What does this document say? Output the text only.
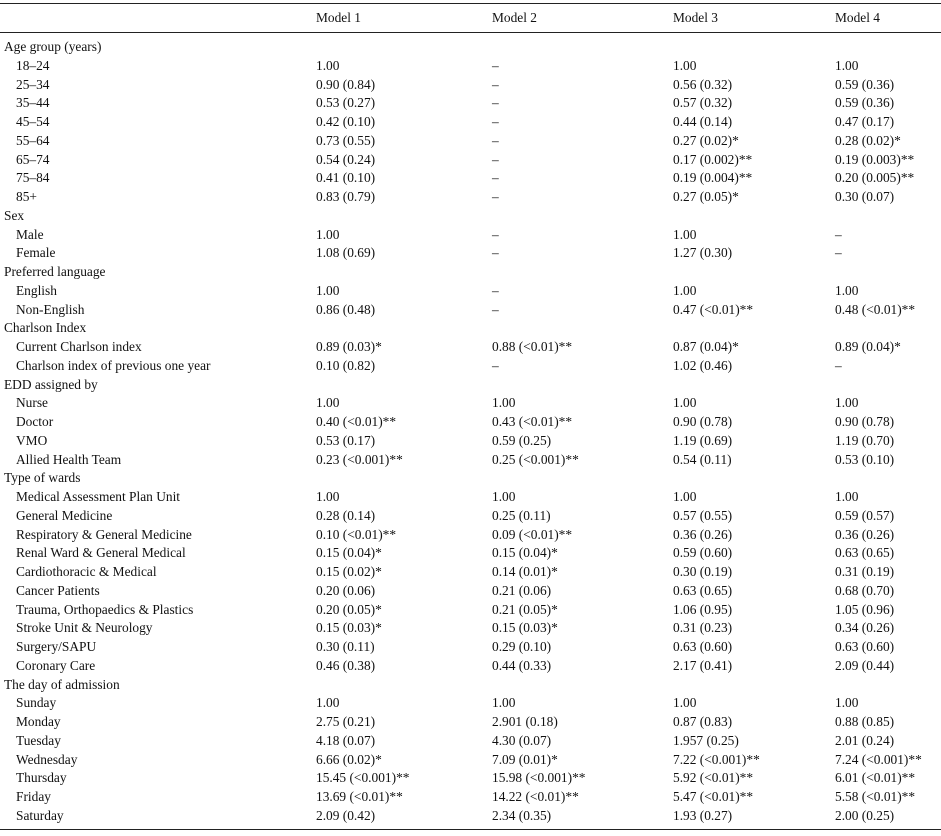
Model 1	Model 2	Model 3	Model 4
Age group (years)
18–24	1.00	–	1.00	1.00
25–34	0.90 (0.84)	–	0.56 (0.32)	0.59 (0.36)
35–44	0.53 (0.27)	–	0.57 (0.32)	0.59 (0.36)
45–54	0.42 (0.10)	–	0.44 (0.14)	0.47 (0.17)
55–64	0.73 (0.55)	–	0.27 (0.02)*	0.28 (0.02)*
65–74	0.54 (0.24)	–	0.17 (0.002)**	0.19 (0.003)**
75–84	0.41 (0.10)	–	0.19 (0.004)**	0.20 (0.005)**
85+	0.83 (0.79)	–	0.27 (0.05)*	0.30 (0.07)
Sex
Male	1.00	–	1.00	–
Female	1.08 (0.69)	–	1.27 (0.30)	–
Preferred language
English	1.00	–	1.00	1.00
Non-English	0.86 (0.48)	–	0.47 (<0.01)**	0.48 (<0.01)**
Charlson Index
Current Charlson index	0.89 (0.03)*	0.88 (<0.01)**	0.87 (0.04)*	0.89 (0.04)*
Charlson index of previous one year	0.10 (0.82)	–	1.02 (0.46)	–
EDD assigned by
Nurse	1.00	1.00	1.00	1.00
Doctor	0.40 (<0.01)**	0.43 (<0.01)**	0.90 (0.78)	0.90 (0.78)
VMO	0.53 (0.17)	0.59 (0.25)	1.19 (0.69)	1.19 (0.70)
Allied Health Team	0.23 (<0.001)**	0.25 (<0.001)**	0.54 (0.11)	0.53 (0.10)
Type of wards
Medical Assessment Plan Unit	1.00	1.00	1.00	1.00
General Medicine	0.28 (0.14)	0.25 (0.11)	0.57 (0.55)	0.59 (0.57)
Respiratory & General Medicine	0.10 (<0.01)**	0.09 (<0.01)**	0.36 (0.26)	0.36 (0.26)
Renal Ward & General Medical	0.15 (0.04)*	0.15 (0.04)*	0.59 (0.60)	0.63 (0.65)
Cardiothoracic & Medical	0.15 (0.02)*	0.14 (0.01)*	0.30 (0.19)	0.31 (0.19)
Cancer Patients	0.20 (0.06)	0.21 (0.06)	0.63 (0.65)	0.68 (0.70)
Trauma, Orthopaedics & Plastics	0.20 (0.05)*	0.21 (0.05)*	1.06 (0.95)	1.05 (0.96)
Stroke Unit & Neurology	0.15 (0.03)*	0.15 (0.03)*	0.31 (0.23)	0.34 (0.26)
Surgery/SAPU	0.30 (0.11)	0.29 (0.10)	0.63 (0.60)	0.63 (0.60)
Coronary Care	0.46 (0.38)	0.44 (0.33)	2.17 (0.41)	2.09 (0.44)
The day of admission
Sunday	1.00	1.00	1.00	1.00
Monday	2.75 (0.21)	2.901 (0.18)	0.87 (0.83)	0.88 (0.85)
Tuesday	4.18 (0.07)	4.30 (0.07)	1.957 (0.25)	2.01 (0.24)
Wednesday	6.66 (0.02)*	7.09 (0.01)*	7.22 (<0.001)**	7.24 (<0.001)**
Thursday	15.45 (<0.001)**	15.98 (<0.001)**	5.92 (<0.01)**	6.01 (<0.01)**
Friday	13.69 (<0.01)**	14.22 (<0.01)**	5.47 (<0.01)**	5.58 (<0.01)**
Saturday	2.09 (0.42)	2.34 (0.35)	1.93 (0.27)	2.00 (0.25)
